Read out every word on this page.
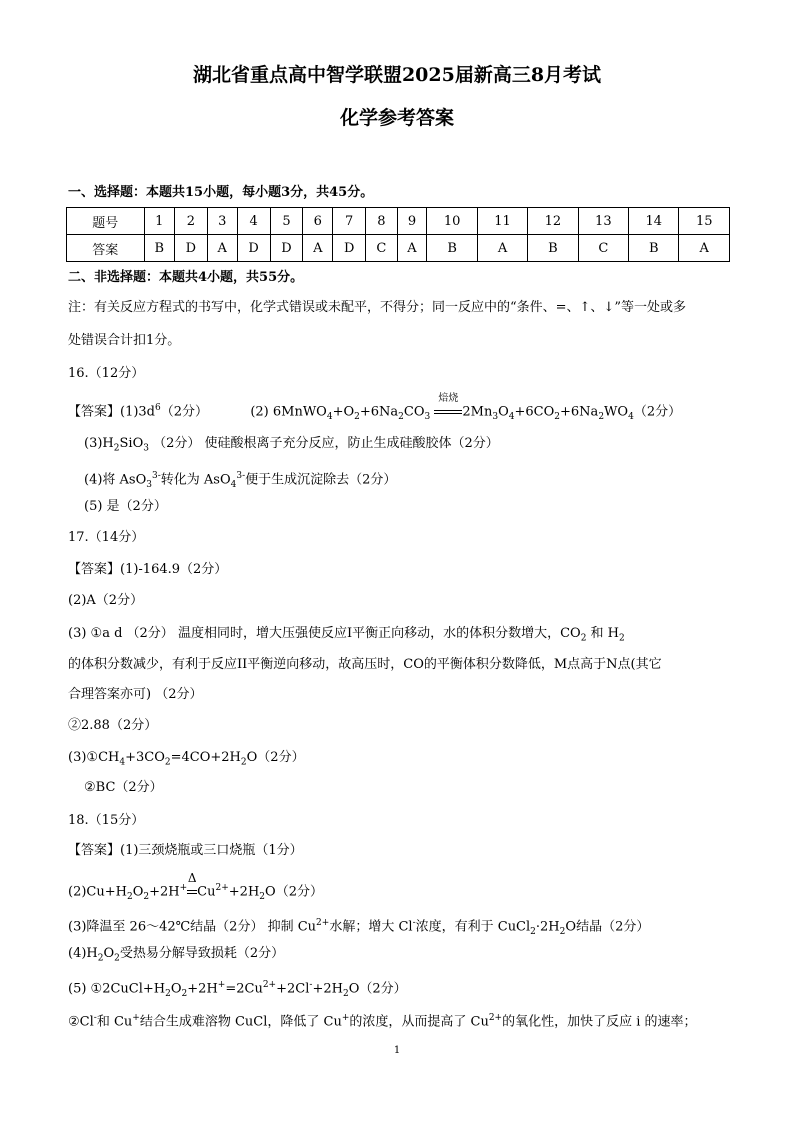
湖北省重点高中智学联盟2025届新高三8月考试
化学参考答案
一、选择题：本题共15小题，每小题3分，共45分。
题号	1	2	3	4	5	6	7	8	9	10	11	12	13	14	15
答案	B	D	A	D	D	A	D	C	A	B	A	B	C	B	A
二、非选择题：本题共4小题，共55分。
注：有关反应方程式的书写中，化学式错误或未配平，不得分；同一反应中的“条件、=、↑、↓”等一处或多
处错误合计扣1分。
16.（12分）
【答案】$(1)3d^6(2$分）	(2) $6MnWO_4+O_2+6Na_2CO_3$
焙烧
$2Mn_3O_4+6CO_2+6Na_2WO_4(2$分）
$(3)H_2SiO_3$ （2分） 使硅酸根离子充分反应，防止生成硅酸胶体（2分）
(4)将 AsO$_3^{3-}$转化为 AsO$_4^{3-}$便于生成沉淀除去（2分）
(5) 是（2分）
17.（14分）
【答案】(1)-164.9（2分）
(2)A（2分）
(3) ①a d （2分） 温度相同时，增大压强使反应I平衡正向移动，水的体积分数增大，$CO_2$ 和 $H_2$
的体积分数减少，有利于反应II平衡逆向移动，故高压时，CO的平衡体积分数降低，M点高于N点(其它
合理答案亦可) （2分）
②2.88（2分）
$(3)①CH_4+3CO_2=4CO+2H_2O(2$分）
②BC（2分）
18.（15分）
【答案】(1)三颈烧瓶或三口烧瓶（1分）
$(2)Cu+H_2O_2+2H^+$
Δ
$Cu^{2+}+2H_2O(2$分）
(3)降温至 26～42℃结晶（2分） 抑制 $Cu^{2+}$水解；增大 Cl-浓度，有利于 $CuCl_2\cdot 2H_2O$结晶（2分）
$(4)H_2O_2$受热易分解导致损耗（2分）
(5) $①2CuCl+H_2O_2+2H^+=2Cu^{2+}+2Cl^-+2H_2O(2$分）
②Cl-和 Cu+结合生成难溶物 CuCl，降低了 Cu+的浓度，从而提高了 $Cu^{2+}$的氧化性，加快了反应 i 的速率；
1
